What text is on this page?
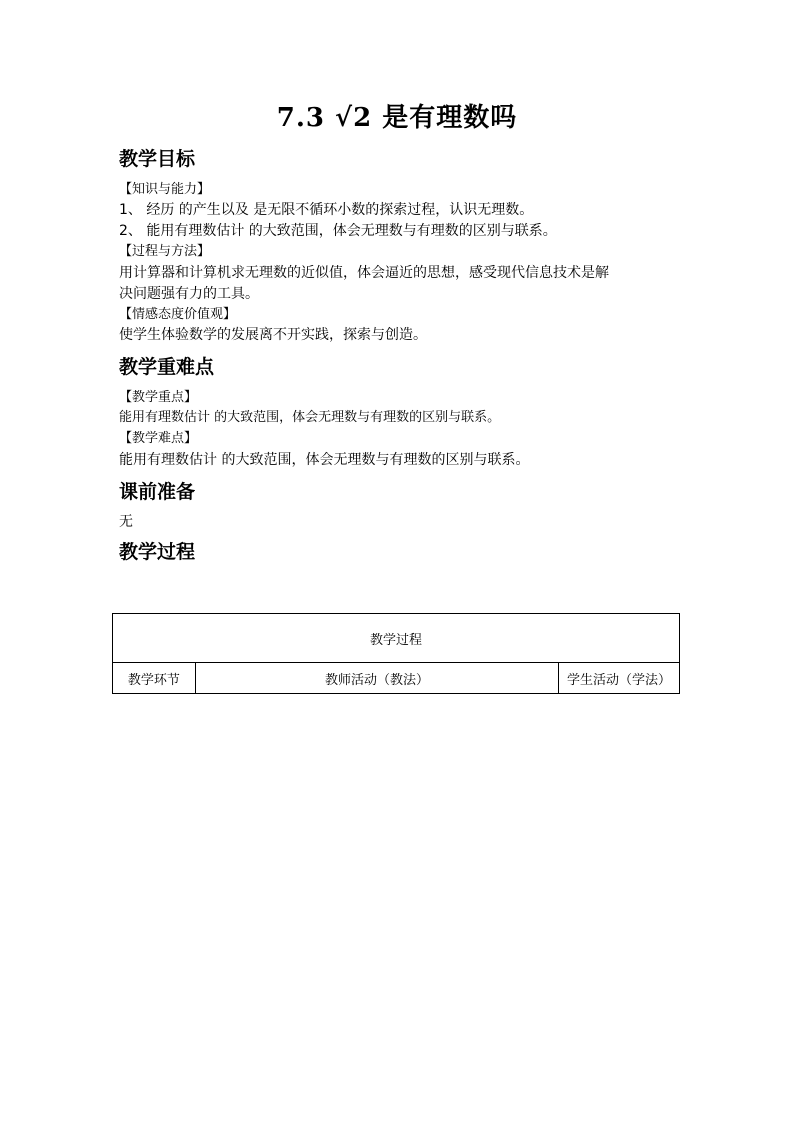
7.3 √2 是有理数吗
教学目标
【知识与能力】
1、 经历 的产生以及 是无限不循环小数的探索过程，认识无理数。
2、 能用有理数估计 的大致范围，体会无理数与有理数的区别与联系。
【过程与方法】
用计算器和计算机求无理数的近似值，体会逼近的思想，感受现代信息技术是解
决问题强有力的工具。
【情感态度价值观】
使学生体验数学的发展离不开实践，探索与创造。
教学重难点
【教学重点】
能用有理数估计 的大致范围，体会无理数与有理数的区别与联系。
【教学难点】
能用有理数估计 的大致范围，体会无理数与有理数的区别与联系。
课前准备
无
教学过程
教学过程
教学环节	教师活动（教法）	学生活动（学法）
